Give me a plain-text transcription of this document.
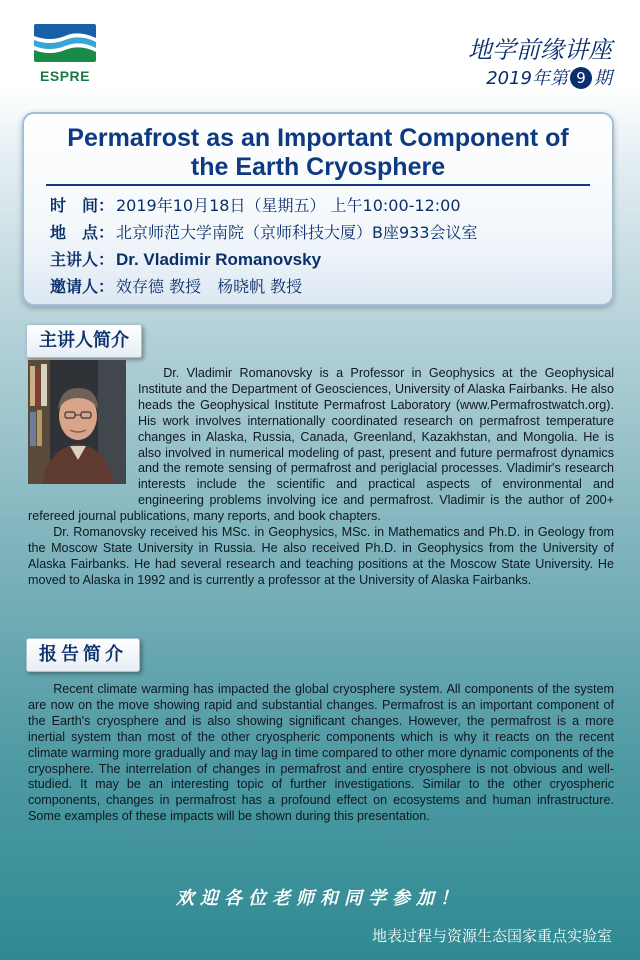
ESPRE
地学前缘讲座
2019年第 9 期
Permafrost as an Important Component of
the Earth Cryosphere
时　间： 2019年10月18日（星期五） 上午10:00-12:00
地　点： 北京师范大学南院（京师科技大厦）B座933会议室
主讲人： Dr. Vladimir Romanovsky
邀请人： 效存德 教授　杨晓帆 教授
主讲人简介

Dr. Vladimir Romanovsky is a Professor in Geophysics at the Geophysical Institute and the Department of Geosciences, University of Alaska Fairbanks. He also heads the Geophysical Institute Permafrost Laboratory (www.Permafrostwatch.org). His work involves internationally coordinated research on permafrost temperature changes in Alaska, Russia, Canada, Greenland, Kazakhstan, and Mongolia. He is also involved in numerical modeling of past, present and future permafrost dynamics and the remote sensing of permafrost and periglacial processes. Vladimir's research interests include the scientific and practical aspects of environmental and engineering problems involving ice and permafrost. Vladimir is the author of 200+ refereed journal publications, many reports, and book chapters.

Dr. Romanovsky received his MSc. in Geophysics, MSc. in Mathematics and Ph.D. in Geology from the Moscow State University in Russia. He also received Ph.D. in Geophysics from the University of Alaska Fairbanks. He had several research and teaching positions at the Moscow State University. He moved to Alaska in 1992 and is currently a professor at the University of Alaska Fairbanks.

报告简介

Recent climate warming has impacted the global cryosphere system. All components of the system are now on the move showing rapid and substantial changes. Permafrost is an important component of the Earth's cryosphere and is also showing significant changes. However, the permafrost is a more inertial system than most of the other cryospheric components which is why it reacts on the recent climate warming more gradually and may lag in time compared to other more dynamic components of the cryosphere. The interrelation of changes in permafrost and entire cryosphere is not obvious and well-studied. It may be an interesting topic of further investigations. Similar to the other cryospheric components, changes in permafrost has a profound effect on ecosystems and human infrastructure. Some examples of these impacts will be shown during this presentation.

欢迎各位老师和同学参加！
地表过程与资源生态国家重点实验室
